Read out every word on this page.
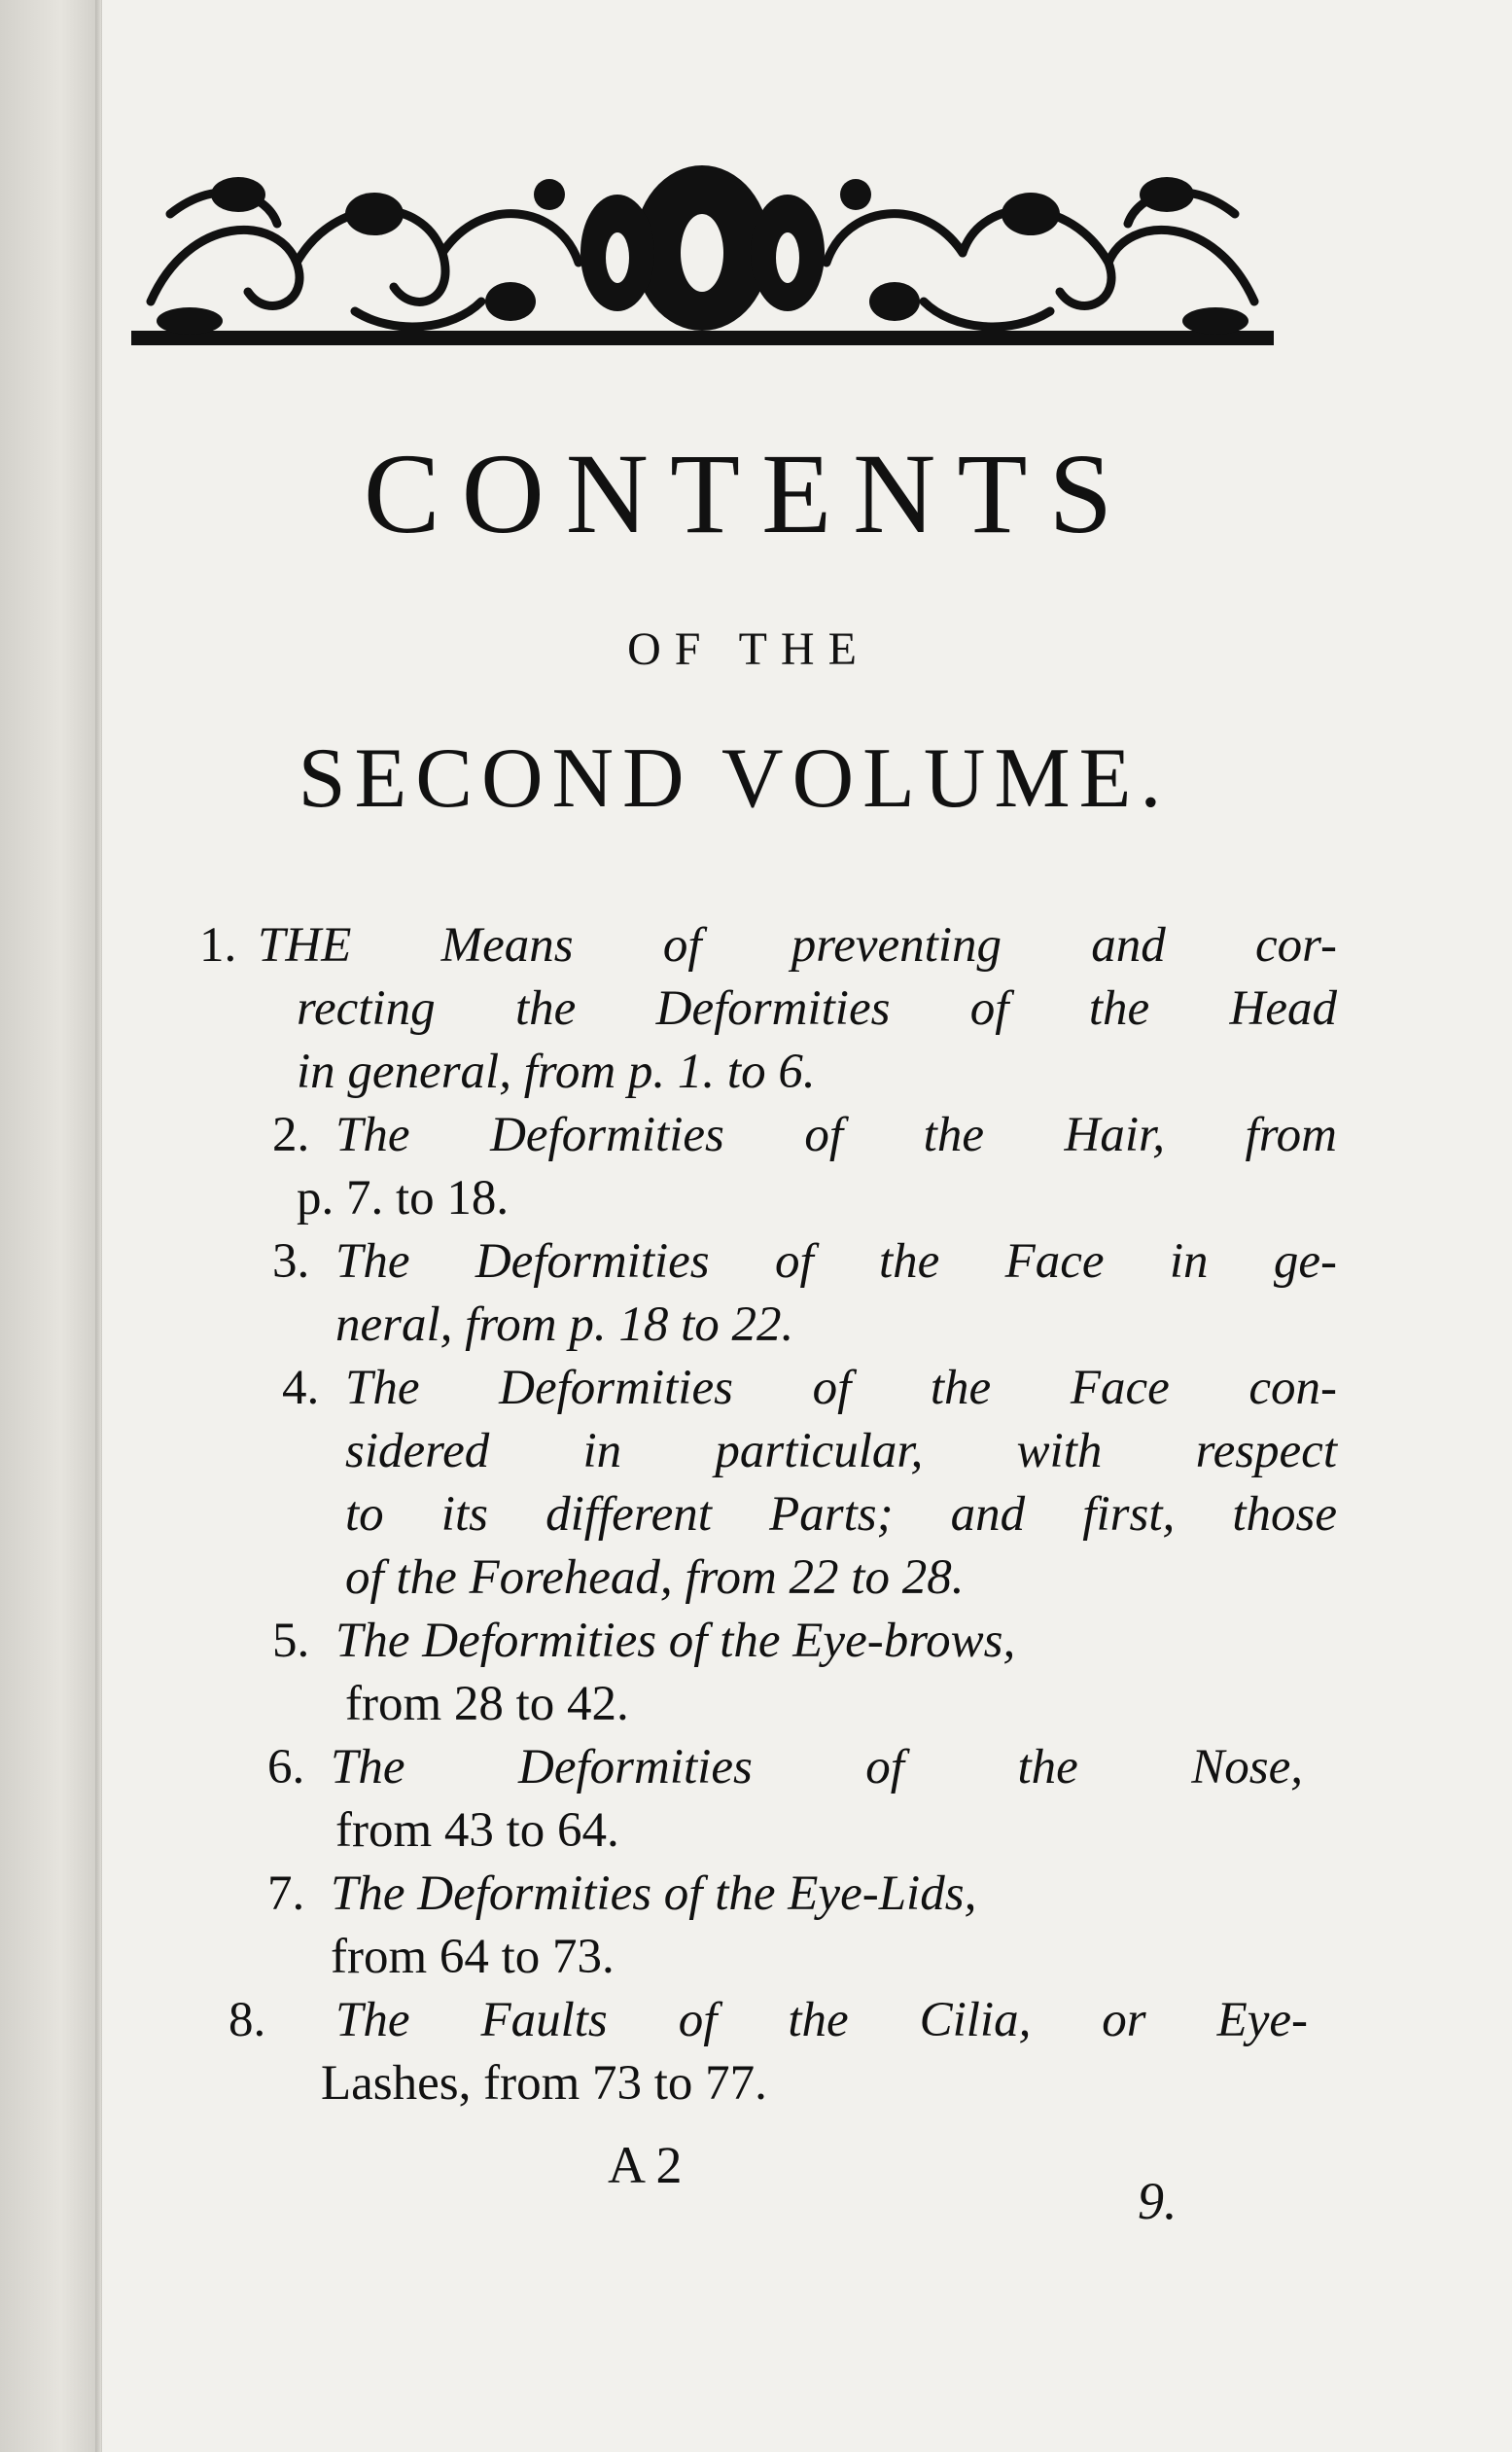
CONTENTS
OF THE
SECOND VOLUME.
1. THE Means of preventing and cor-
recting the Deformities of the Head
in general, from p. 1. to 6.
2. The Deformities of the Hair, from
p. 7. to 18.
3. The Deformities of the Face in ge-
neral, from p. 18 to 22.
4. The Deformities of the Face con-
sidered in particular, with respect
to its different Parts; and first, those
of the Forehead, from 22 to 28.
5. The Deformities of the Eye-brows,
from 28 to 42.
6. The Deformities of the Nose,
from 43 to 64.
7. The Deformities of the Eye-Lids,
from 64 to 73.
8. The Faults of the Cilia, or Eye-
Lashes, from 73 to 77.
A 2
9.
